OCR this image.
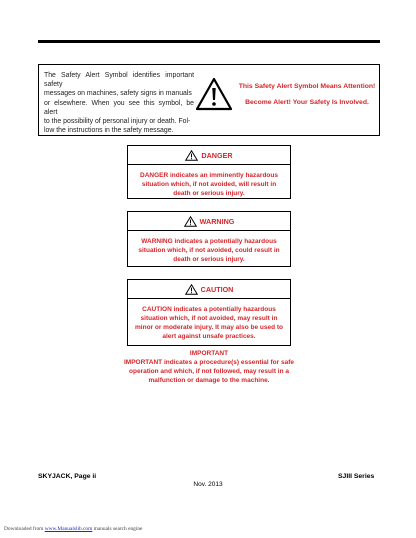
The Safety Alert Symbol identifies important safety
messages on machines, safety signs in manuals
or elsewhere. When you see this symbol, be alert
to the possibility of personal injury or death. Fol-
low the instructions in the safety message.
This Safety Alert Symbol Means Attention!
Become Alert! Your Safety Is Involved.
DANGER
DANGER indicates an imminently hazardous situation which, if not avoided, will result in death or serious injury.
WARNING
WARNING indicates a potentially hazardous situation which, if not avoided, could result in death or serious injury.
CAUTION
CAUTION indicates a potentially hazardous situation which, if not avoided, may result in minor or moderate injury. It may also be used to alert against unsafe practices.
IMPORTANT
IMPORTANT indicates a procedure(s) essential for safe operation and which, if not followed, may result in a malfunction or damage to the machine.
SKYJACK, Page ii
Nov. 2013
SJIII Series
Downloaded from www.Manualslib.com manuals search engine
